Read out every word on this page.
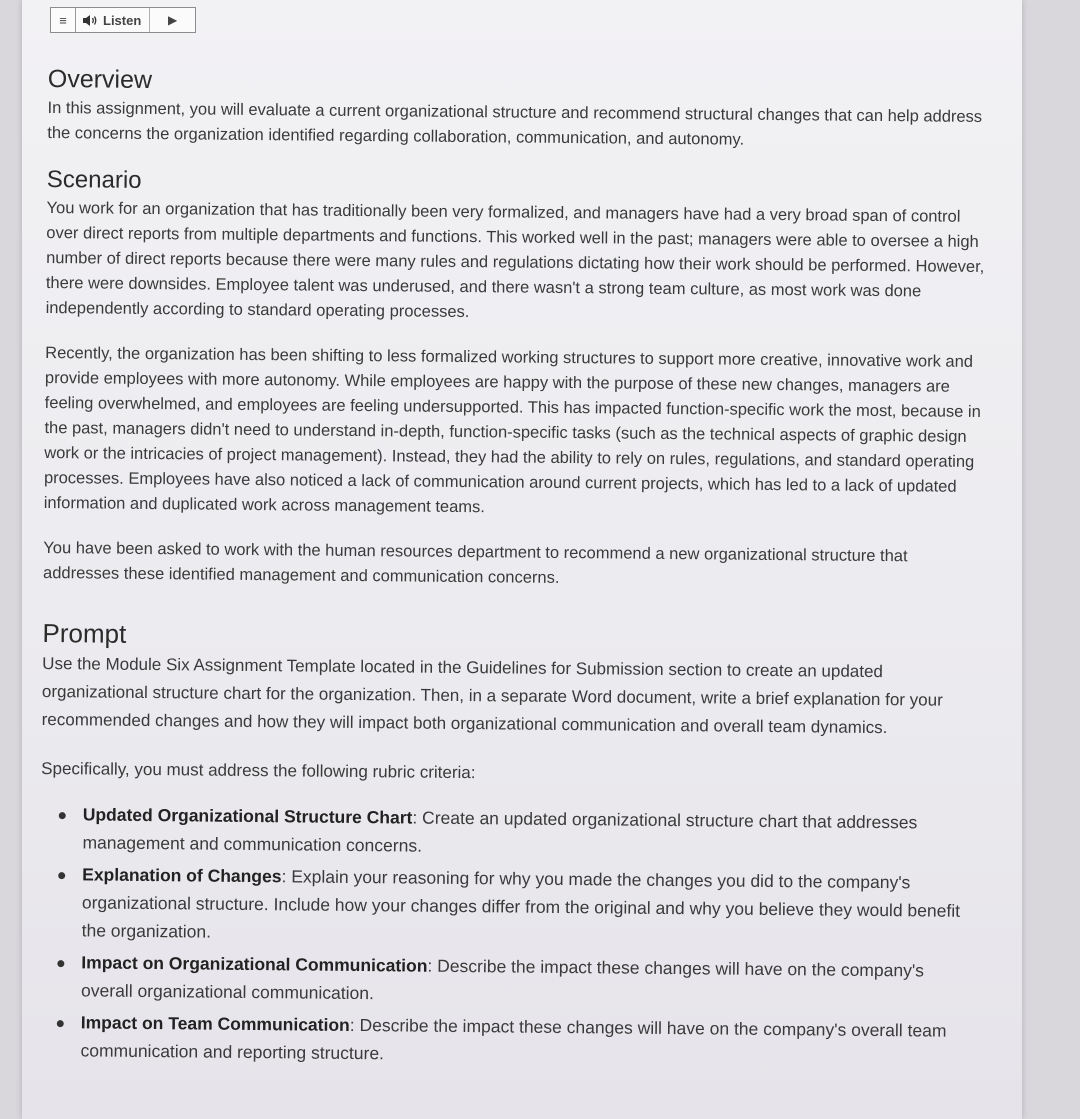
≡	Listen	▶
Overview

In this assignment, you will evaluate a current organizational structure and recommend structural changes that can help address the concerns the organization identified regarding collaboration, communication, and autonomy.

Scenario

You work for an organization that has traditionally been very formalized, and managers have had a very broad span of control over direct reports from multiple departments and functions. This worked well in the past; managers were able to oversee a high number of direct reports because there were many rules and regulations dictating how their work should be performed. However, there were downsides. Employee talent was underused, and there wasn't a strong team culture, as most work was done independently according to standard operating processes.

Recently, the organization has been shifting to less formalized working structures to support more creative, innovative work and provide employees with more autonomy. While employees are happy with the purpose of these new changes, managers are feeling overwhelmed, and employees are feeling undersupported. This has impacted function-specific work the most, because in the past, managers didn't need to understand in-depth, function-specific tasks (such as the technical aspects of graphic design work or the intricacies of project management). Instead, they had the ability to rely on rules, regulations, and standard operating processes. Employees have also noticed a lack of communication around current projects, which has led to a lack of updated information and duplicated work across management teams.

You have been asked to work with the human resources department to recommend a new organizational structure that addresses these identified management and communication concerns.

Prompt

Use the Module Six Assignment Template located in the Guidelines for Submission section to create an updated organizational structure chart for the organization. Then, in a separate Word document, write a brief explanation for your recommended changes and how they will impact both organizational communication and overall team dynamics.

Specifically, you must address the following rubric criteria:

Updated Organizational Structure Chart: Create an updated organizational structure chart that addresses management and communication concerns.
Explanation of Changes: Explain your reasoning for why you made the changes you did to the company's organizational structure. Include how your changes differ from the original and why you believe they would benefit the organization.
Impact on Organizational Communication: Describe the impact these changes will have on the company's overall organizational communication.
Impact on Team Communication: Describe the impact these changes will have on the company's overall team communication and reporting structure.
